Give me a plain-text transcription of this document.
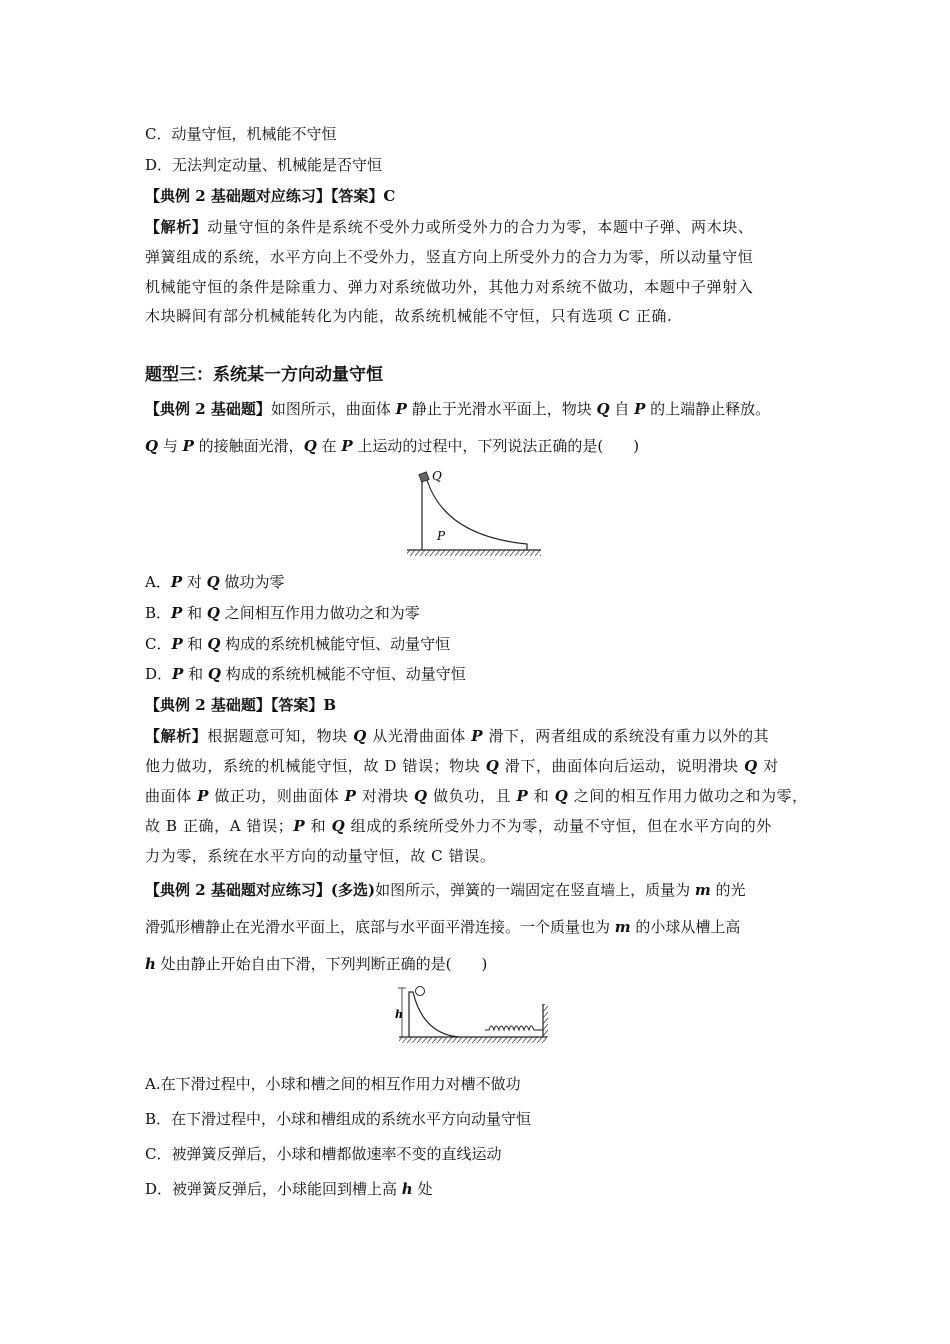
C．动量守恒，机械能不守恒
D．无法判定动量、机械能是否守恒
【典例 2 基础题对应练习】【答案】C
【解析】动量守恒的条件是系统不受外力或所受外力的合力为零，本题中子弹、两木块、
弹簧组成的系统，水平方向上不受外力，竖直方向上所受外力的合力为零，所以动量守恒
机械能守恒的条件是除重力、弹力对系统做功外，其他力对系统不做功，本题中子弹射入
木块瞬间有部分机械能转化为内能，故系统机械能不守恒，只有选项 C 正确.
题型三：系统某一方向动量守恒
【典例 2 基础题】如图所示，曲面体 P 静止于光滑水平面上，物块 Q 自 P 的上端静止释放。
Q 与 P 的接触面光滑，Q 在 P 上运动的过程中，下列说法正确的是(　　)
Q
P
A．P 对 Q 做功为零
B．P 和 Q 之间相互作用力做功之和为零
C．P 和 Q 构成的系统机械能守恒、动量守恒
D．P 和 Q 构成的系统机械能不守恒、动量守恒
【典例 2 基础题】【答案】B
【解析】根据题意可知，物块 Q 从光滑曲面体 P 滑下，两者组成的系统没有重力以外的其
他力做功，系统的机械能守恒，故 D 错误；物块 Q 滑下，曲面体向后运动，说明滑块 Q 对
曲面体 P 做正功，则曲面体 P 对滑块 Q 做负功，且 P 和 Q 之间的相互作用力做功之和为零，
故 B 正确，A 错误；P 和 Q 组成的系统所受外力不为零，动量不守恒，但在水平方向的外
力为零，系统在水平方向的动量守恒，故 C 错误。
【典例 2 基础题对应练习】(多选)如图所示，弹簧的一端固定在竖直墙上，质量为 m 的光
滑弧形槽静止在光滑水平面上，底部与水平面平滑连接。一个质量也为 m 的小球从槽上高
h 处由静止开始自由下滑，下列判断正确的是(　　)
h
A.在下滑过程中，小球和槽之间的相互作用力对槽不做功
B．在下滑过程中，小球和槽组成的系统水平方向动量守恒
C．被弹簧反弹后，小球和槽都做速率不变的直线运动
D．被弹簧反弹后，小球能回到槽上高 h 处
